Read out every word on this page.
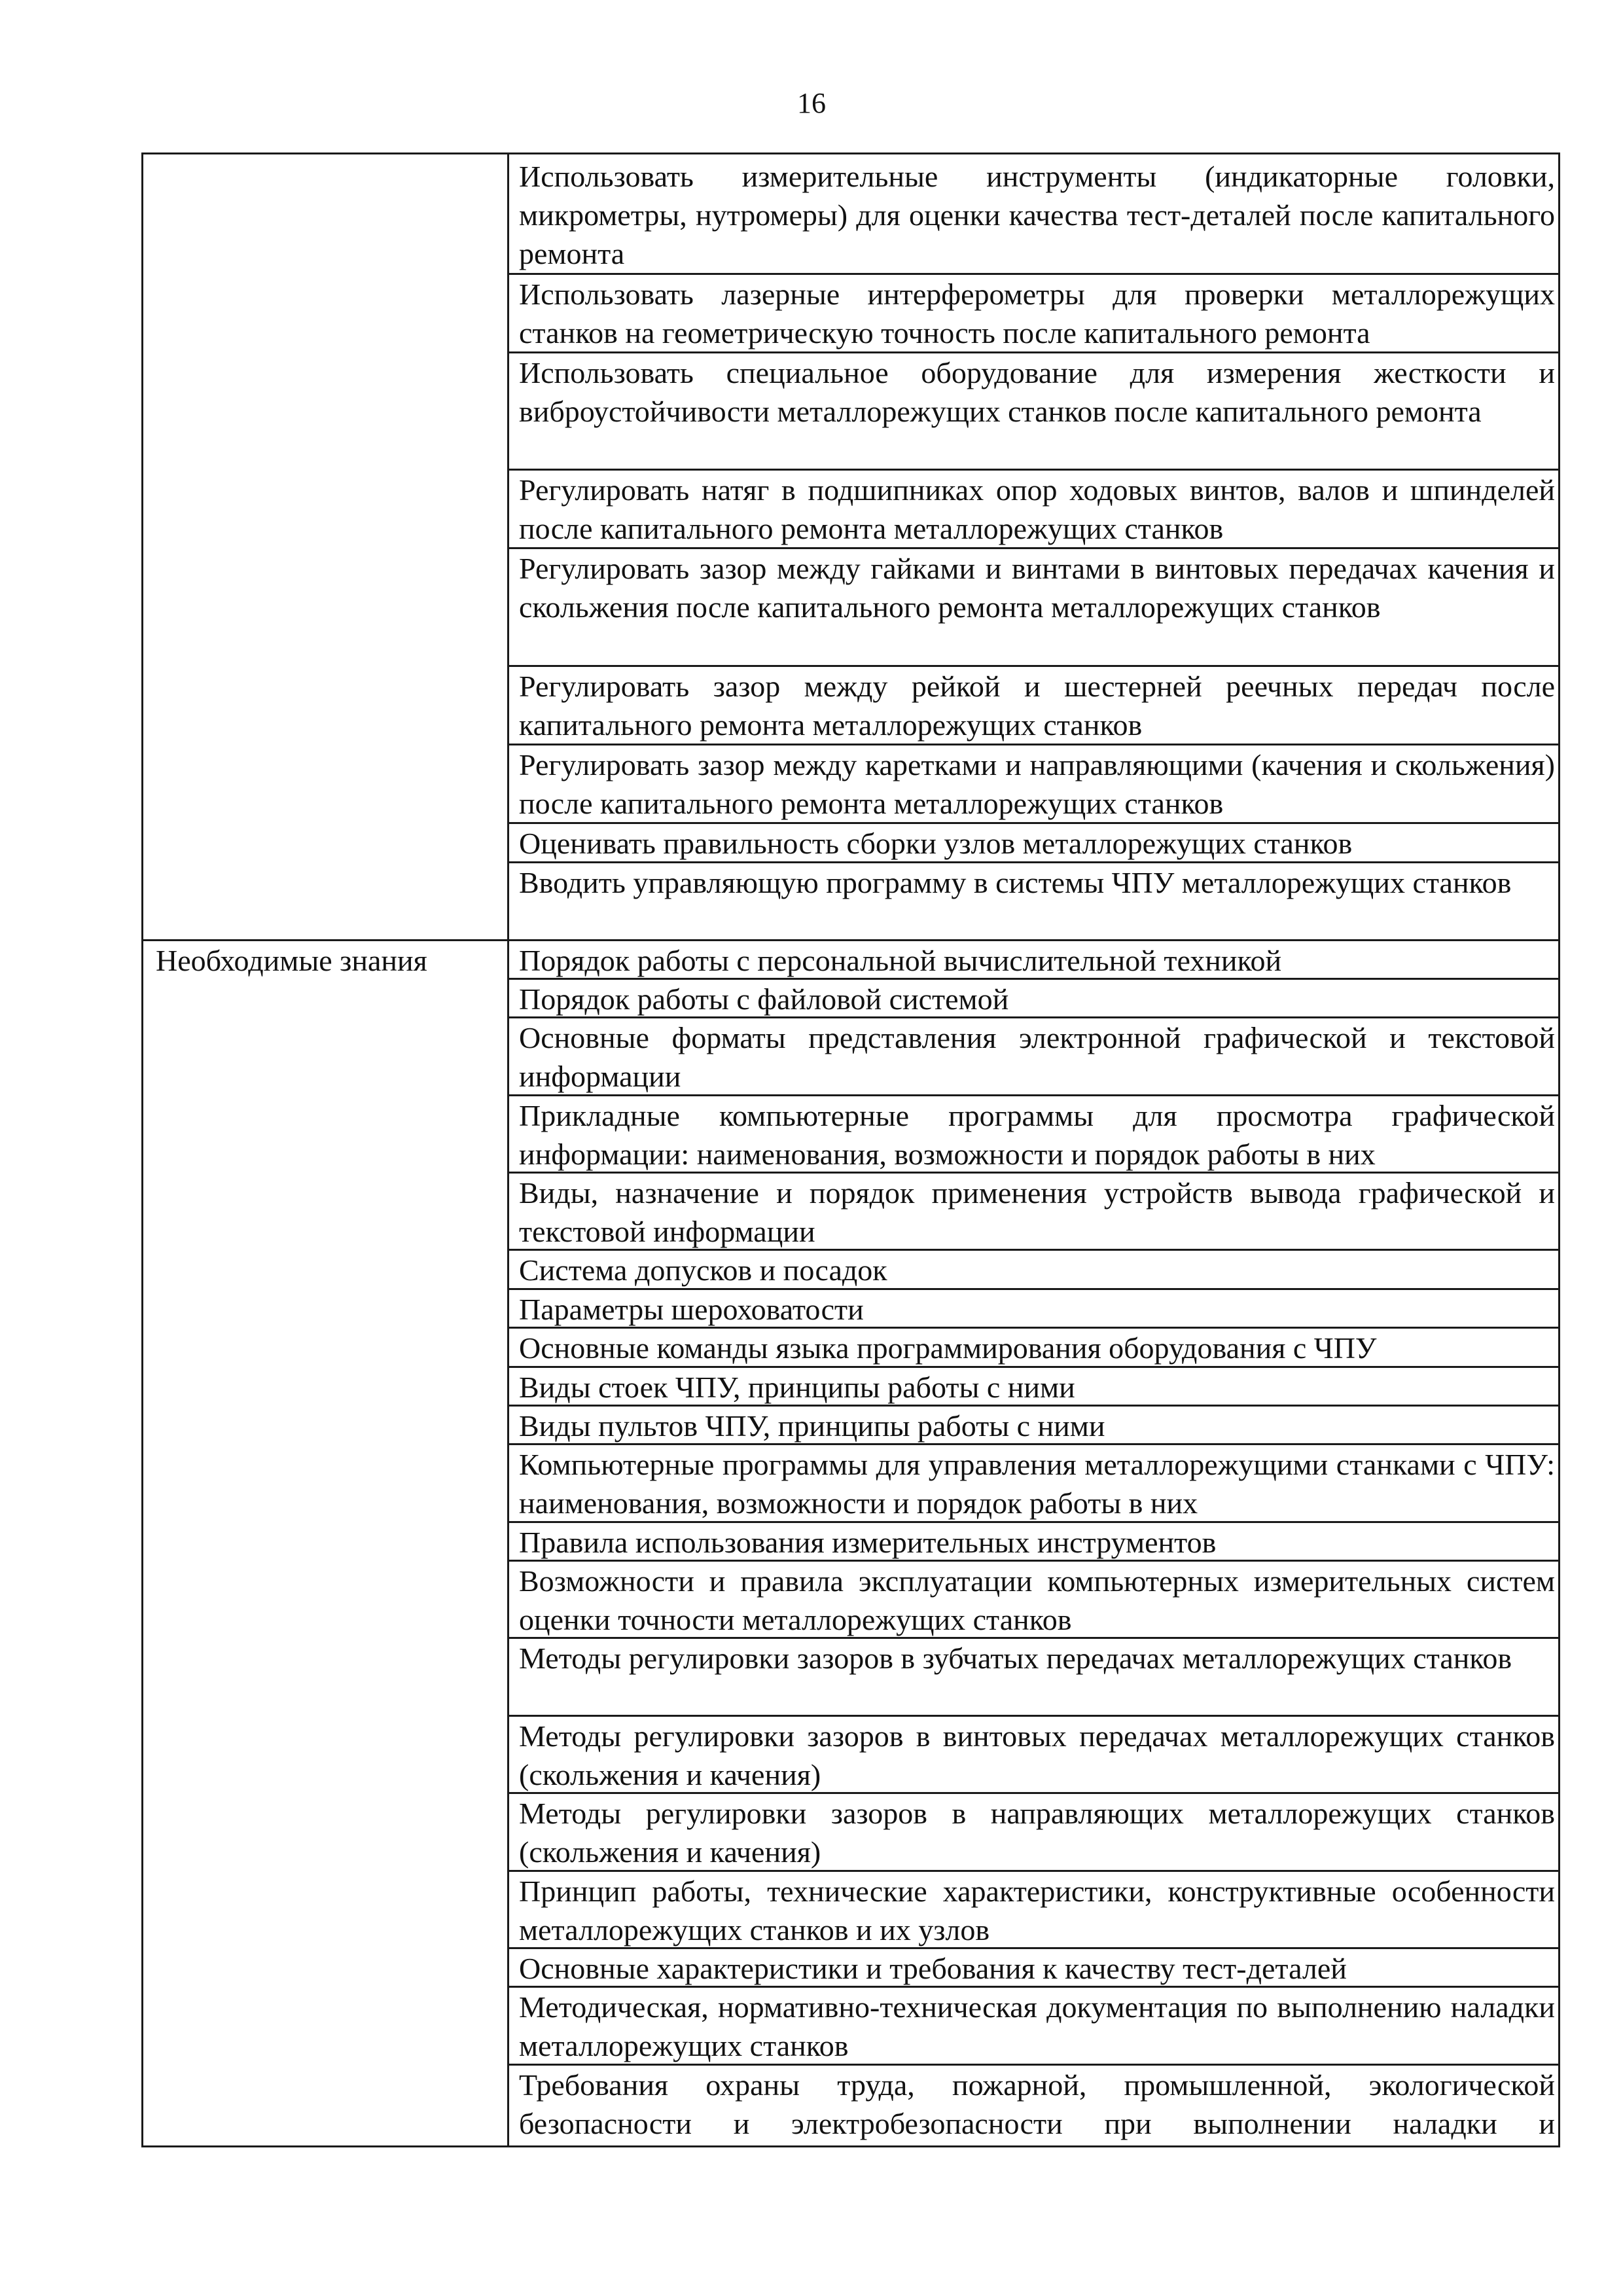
16
Использовать измерительные инструменты (индикаторные головки, микрометры, нутромеры) для оценки качества тест-деталей после капитального ремонта
Использовать лазерные интерферометры для проверки металлорежущих станков на геометрическую точность после капитального ремонта
Использовать специальное оборудование для измерения жесткости и виброустойчивости металлорежущих станков после капитального ремонта
Регулировать натяг в подшипниках опор ходовых винтов, валов и шпинделей после капитального ремонта металлорежущих станков
Регулировать зазор между гайками и винтами в винтовых передачах качения и скольжения после капитального ремонта металлорежущих станков
Регулировать зазор между рейкой и шестерней реечных передач после капитального ремонта металлорежущих станков
Регулировать зазор между каретками и направляющими (качения и скольжения) после капитального ремонта металлорежущих станков
Оценивать правильность сборки узлов металлорежущих станков
Вводить управляющую программу в системы ЧПУ металлорежущих станков
Необходимые знания	Порядок работы с персональной вычислительной техникой
Порядок работы с файловой системой
Основные форматы представления электронной графической и текстовой информации
Прикладные компьютерные программы для просмотра графической информации: наименования, возможности и порядок работы в них
Виды, назначение и порядок применения устройств вывода графической и текстовой информации
Система допусков и посадок
Параметры шероховатости
Основные команды языка программирования оборудования с ЧПУ
Виды стоек ЧПУ, принципы работы с ними
Виды пультов ЧПУ, принципы работы с ними
Компьютерные программы для управления металлорежущими станками с ЧПУ: наименования, возможности и порядок работы в них
Правила использования измерительных инструментов
Возможности и правила эксплуатации компьютерных измерительных систем оценки точности металлорежущих станков
Методы регулировки зазоров в зубчатых передачах металлорежущих станков
Методы регулировки зазоров в винтовых передачах металлорежущих станков (скольжения и качения)
Методы регулировки зазоров в направляющих металлорежущих станков (скольжения и качения)
Принцип работы, технические характеристики, конструктивные особенности металлорежущих станков и их узлов
Основные характеристики и требования к качеству тест-деталей
Методическая, нормативно-техническая документация по выполнению наладки металлорежущих станков
Требования охраны труда, пожарной, промышленной, экологической безопасности и электробезопасности при выполнении наладки и
